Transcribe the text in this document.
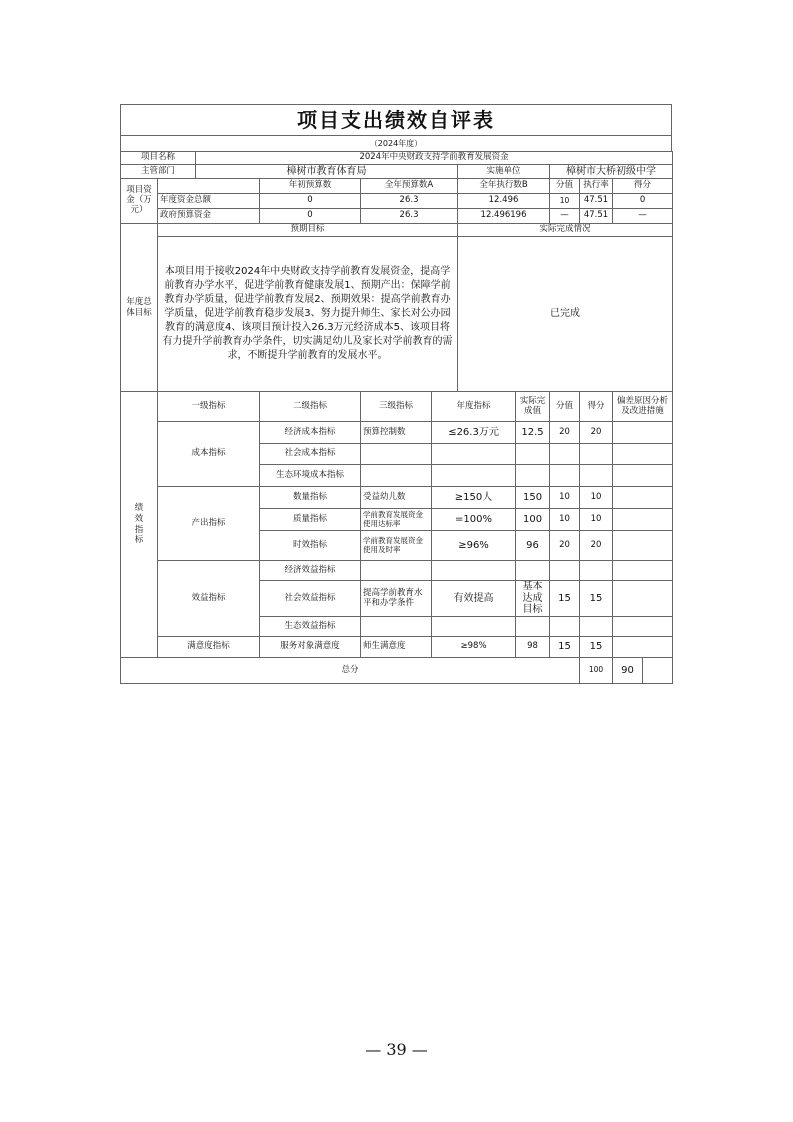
项目支出绩效自评表
（2024年度）
项目名称		2024年中央财政支持学前教育发展资金									
主管部门		樟树市教育体育局				实施单位		樟树市大桥初级中学			
项目资金（万元）			年初预算数	全年预算数A		全年执行数B		分值	执行率	得分	
	年度资金总额		0	26.3		12.496		10	47.51	0	
	政府预算资金		0	26.3		12.496196		—	47.51	—	

年度总体目标	预期目标					实际完成情况					
	本项目用于接收2024年中央财政支持学前教育发展资金，提高学前教育办学水平，促进学前教育健康发展1、预期产出：保障学前教育办学质量，促进学前教育发展2、预期效果：提高学前教育办学质量，促进学前教育稳步发展3、努力提升师生、家长对公办园教育的满意度4、该项目预计投入26.3万元经济成本5、该项目将有力提升学前教育办学条件，切实满足幼儿及家长对学前教育的需求，不断提升学前教育的发展水平。					已完成					

绩效指标	一级指标		二级指标	三级指标	年度指标		实际完成值	分值	得分	偏差原因分析及改进措施	
	成本指标		经济成本指标	预算控制数	≤26.3万元		12.5	20	20		
			社会成本指标								
			生态环境成本指标								
	产出指标		数量指标	受益幼儿数	≥150人		150	10	10		
			质量指标	学前教育发展资金使用达标率	=100%		100	10	10		
			时效指标	学前教育发展资金使用及时率	≥96%		96	20	20		
	效益指标		经济效益指标								
			社会效益指标	提高学前教育水平和办学条件	有效提高		基本达成目标	15	15		
			生态效益指标								
	满意度指标		服务对象满意度	师生满意度	≥98%		98	15	15		
总分									100	90	
— 39 —
